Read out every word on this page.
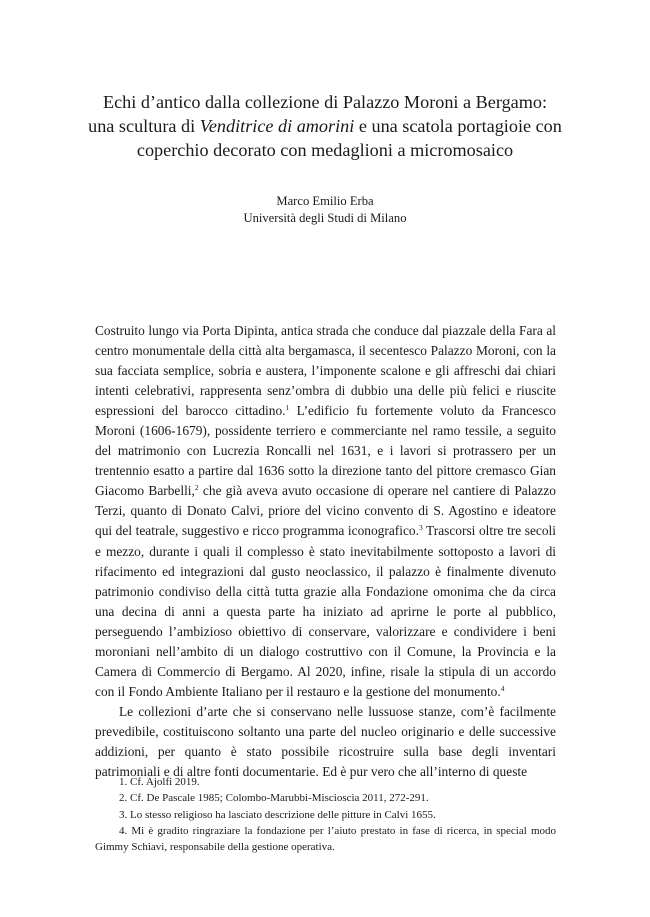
Echi d’antico dalla collezione di Palazzo Moroni a Bergamo:
una scultura di Venditrice di amorini e una scatola portagioie con
coperchio decorato con medaglioni a micromosaico
Marco Emilio Erba
Università degli Studi di Milano

Costruito lungo via Porta Dipinta, antica strada che conduce dal piazzale della Fara al centro monumentale della città alta bergamasca, il secentesco Palazzo Moroni, con la sua facciata semplice, sobria e austera, l’imponente scalone e gli affreschi dai chiari intenti celebrativi, rappresenta senz’ombra di dubbio una delle più felici e riuscite espressioni del barocco cittadino.$^1$ L’edificio fu fortemente voluto da Francesco Moroni (1606-1679), possidente terriero e commerciante nel ramo tessile, a seguito del matrimonio con Lucrezia Roncalli nel 1631, e i lavori si protrassero per un trentennio esatto a partire dal 1636 sotto la direzione tanto del pittore cremasco Gian Giacomo Barbelli,$^2$ che già aveva avuto occasione di operare nel cantiere di Palazzo Terzi, quanto di Donato Calvi, priore del vicino convento di S. Agostino e ideatore qui del teatrale, suggestivo e ricco programma iconografico.$^3$ Trascorsi oltre tre secoli e mezzo, durante i quali il complesso è stato inevitabilmente sottoposto a lavori di rifacimento ed integrazioni dal gusto neoclassico, il palazzo è finalmente divenuto patrimonio condiviso della città tutta grazie alla Fondazione omonima che da circa una decina di anni a questa parte ha iniziato ad aprirne le porte al pubblico, perseguendo l’ambizioso obiettivo di conservare, valorizzare e condividere i beni moroniani nell’ambito di un dialogo costruttivo con il Comune, la Provincia e la Camera di Commercio di Bergamo. Al 2020, infine, risale la stipula di un accordo con il Fondo Ambiente Italiano per il restauro e la gestione del monumento.$^4$

Le collezioni d’arte che si conservano nelle lussuose stanze, com’è facilmente prevedibile, costituiscono soltanto una parte del nucleo originario e delle successive addizioni, per quanto è stato possibile ricostruire sulla base degli inventari patrimoniali e di altre fonti documentarie. Ed è pur vero che all’interno di queste

1. Cf. Ajolfi 2019.

2. Cf. De Pascale 1985; Colombo-Marubbi-Miscioscìa 2011, 272-291.

3. Lo stesso religioso ha lasciato descrizione delle pitture in Calvi 1655.

4. Mi è gradito ringraziare la fondazione per l’aiuto prestato in fase di ricerca, in special modo Gimmy Schiavi, responsabile della gestione operativa.
